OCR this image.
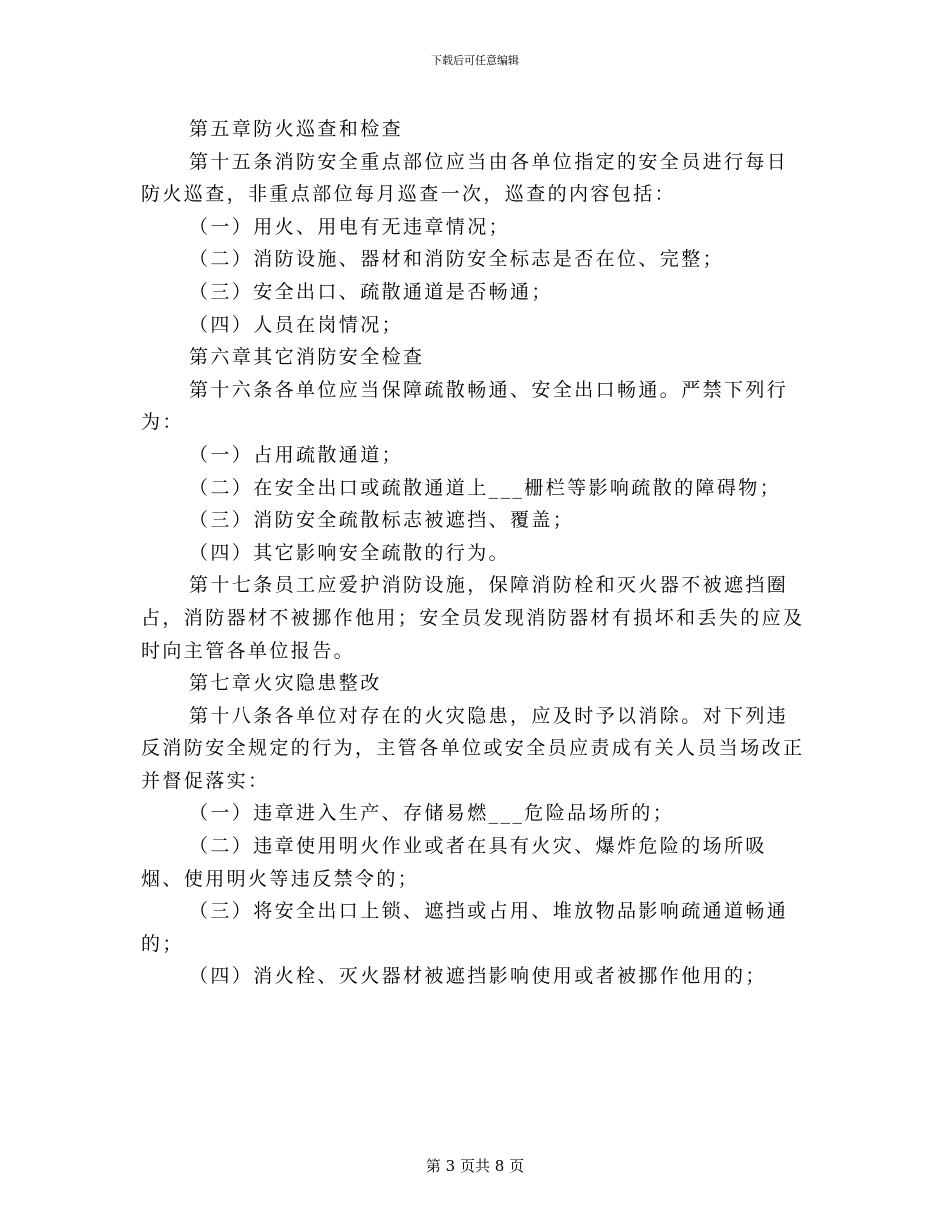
下载后可任意编辑

第五章防火巡查和检查

第十五条消防安全重点部位应当由各单位指定的安全员进行每日防火巡查，非重点部位每月巡查一次，巡查的内容包括：

（一）用火、用电有无违章情况；

（二）消防设施、器材和消防安全标志是否在位、完整；

（三）安全出口、疏散通道是否畅通；

（四）人员在岗情况；

第六章其它消防安全检查

第十六条各单位应当保障疏散畅通、安全出口畅通。严禁下列行为：

（一）占用疏散通道；

（二）在安全出口或疏散通道上___栅栏等影响疏散的障碍物；

（三）消防安全疏散标志被遮挡、覆盖；

（四）其它影响安全疏散的行为。

第十七条员工应爱护消防设施，保障消防栓和灭火器不被遮挡圈占，消防器材不被挪作他用；安全员发现消防器材有损坏和丢失的应及时向主管各单位报告。

第七章火灾隐患整改

第十八条各单位对存在的火灾隐患，应及时予以消除。对下列违反消防安全规定的行为，主管各单位或安全员应责成有关人员当场改正并督促落实：

（一）违章进入生产、存储易燃___危险品场所的；

（二）违章使用明火作业或者在具有火灾、爆炸危险的场所吸烟、使用明火等违反禁令的；

（三）将安全出口上锁、遮挡或占用、堆放物品影响疏通道畅通的；

（四）消火栓、灭火器材被遮挡影响使用或者被挪作他用的；

第 3 页共 8 页
